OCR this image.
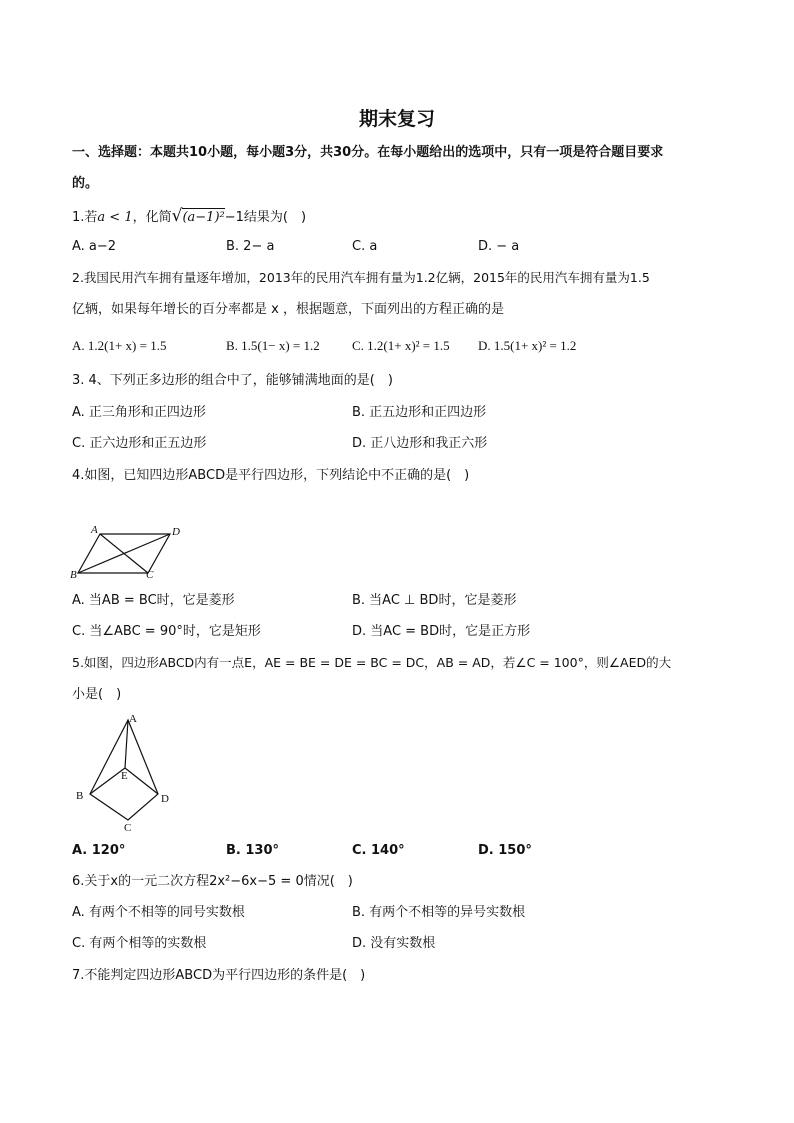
期末复习
一、选择题：本题共10小题，每小题3分，共30分。在每小题给出的选项中，只有一项是符合题目要求
的。
1.若a < 1，化简√(a−1)²−1结果为(　)
A. a−2	B. 2− a	C. a	D. − a
2.我国民用汽车拥有量逐年增加，2013年的民用汽车拥有量为1.2亿辆，2015年的民用汽车拥有量为1.5
亿辆，如果每年增长的百分率都是 x ，根据题意，下面列出的方程正确的是
A. 1.2(1+ x) = 1.5	B. 1.5(1− x) = 1.2 C. 1.2(1+ x)² = 1.5 D. 1.5(1+ x)² = 1.2
3. 4、下列正多边形的组合中了，能够铺满地面的是(　)
A. 正三角形和正四边形	B. 正五边形和正四边形
C. 正六边形和正五边形	D. 正八边形和我正六形
4.如图，已知四边形ABCD是平行四边形，下列结论中不正确的是(　)
A	D
B	C
A. 当AB = BC时，它是菱形	B. 当AC ⊥ BD时，它是菱形
C. 当∠ABC = 90°时，它是矩形	D. 当AC = BD时，它是正方形
5.如图，四边形ABCD内有一点E，AE = BE = DE = BC = DC，AB = AD，若∠C = 100°，则∠AED的大
小是(　)
A
E
B	D
C
A. 120°	B. 130°	C. 140°	D. 150°
6.关于x的一元二次方程2x²−6x−5 = 0情况(　)
A. 有两个不相等的同号实数根	B. 有两个不相等的异号实数根
C. 有两个相等的实数根	D. 没有实数根
7.不能判定四边形ABCD为平行四边形的条件是(　)
